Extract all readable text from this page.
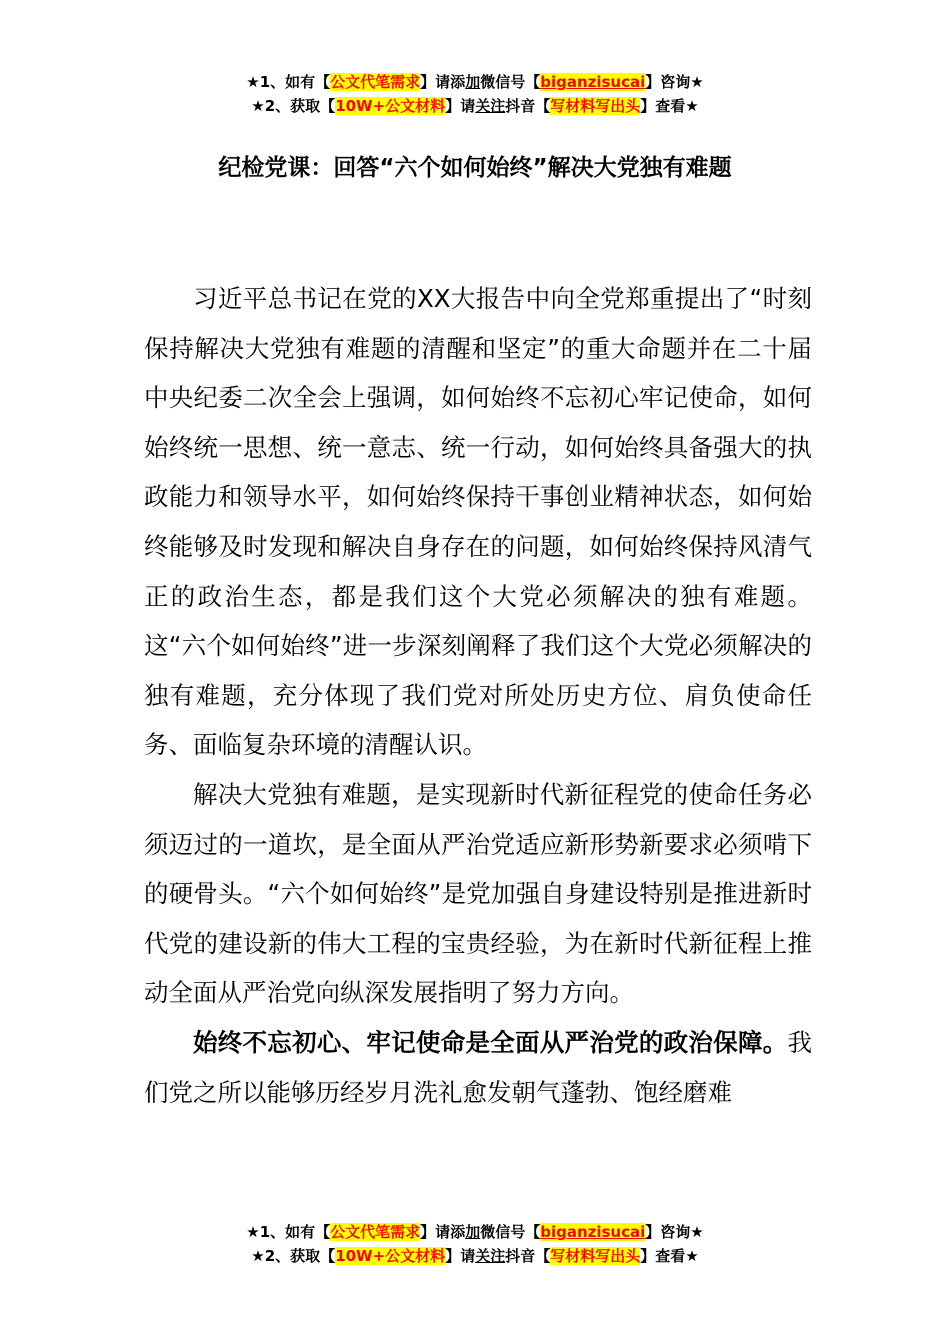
★1、如有【公文代笔需求】请添加微信号【biganzisucai】咨询★
★2、获取【10W+公文材料】请关注抖音【写材料写出头】查看★
纪检党课：回答“六个如何始终”解决大党独有难题

习近平总书记在党的XX大报告中向全党郑重提出了“时刻保持解决大党独有难题的清醒和坚定”的重大命题并在二十届中央纪委二次全会上强调，如何始终不忘初心牢记使命，如何始终统一思想、统一意志、统一行动，如何始终具备强大的执政能力和领导水平，如何始终保持干事创业精神状态，如何始终能够及时发现和解决自身存在的问题，如何始终保持风清气正的政治生态，都是我们这个大党必须解决的独有难题。这“六个如何始终”进一步深刻阐释了我们这个大党必须解决的独有难题，充分体现了我们党对所处历史方位、肩负使命任务、面临复杂环境的清醒认识。

解决大党独有难题，是实现新时代新征程党的使命任务必须迈过的一道坎，是全面从严治党适应新形势新要求必须啃下的硬骨头。“六个如何始终”是党加强自身建设特别是推进新时代党的建设新的伟大工程的宝贵经验，为在新时代新征程上推动全面从严治党向纵深发展指明了努力方向。

始终不忘初心、牢记使命是全面从严治党的政治保障。我们党之所以能够历经岁月洗礼愈发朝气蓬勃、饱经磨难

★1、如有【公文代笔需求】请添加微信号【biganzisucai】咨询★
★2、获取【10W+公文材料】请关注抖音【写材料写出头】查看★
